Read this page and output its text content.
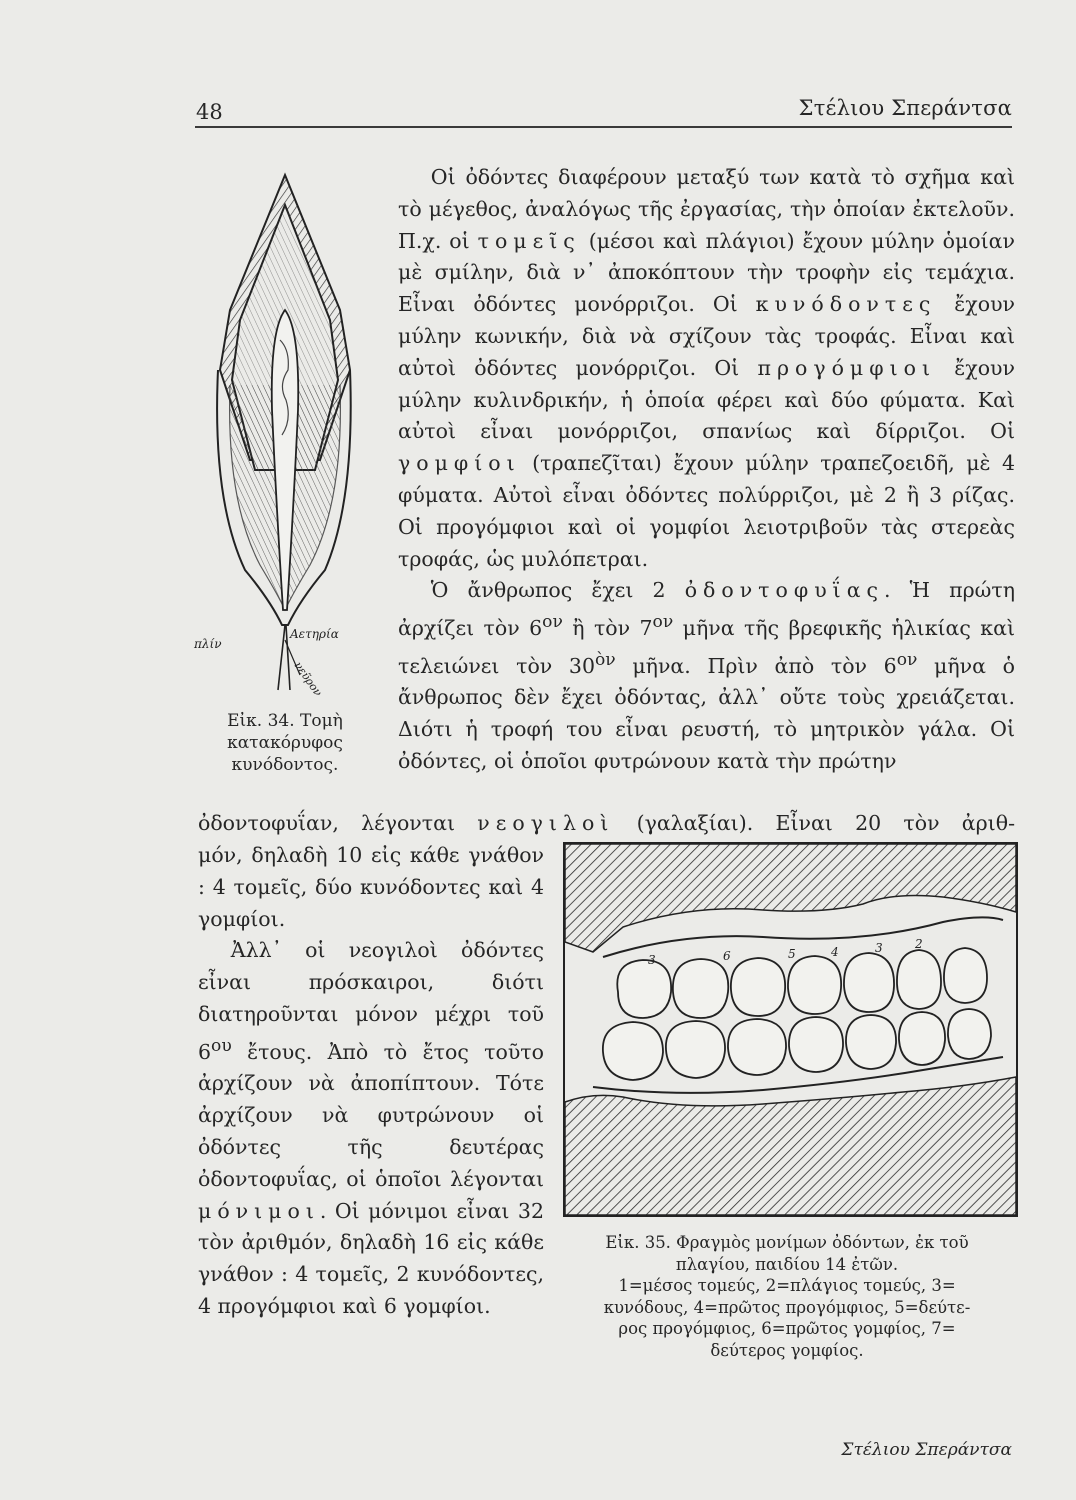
48	Στέλιου Σπεράντσα
πλίν
Αετηρία
νεῦρον
Εἰκ. 34. Τομὴ
κατακόρυφος
κυνόδοντος.

Οἱ ὀδόντες διαφέρουν μεταξύ των κατὰ τὸ σχῆμα καὶ τὸ μέγεθος, ἀναλόγως τῆς ἐργασίας, τὴν ὁποίαν ἐκτελοῦν. Π.χ. οἱ τομεῖς (μέσοι καὶ πλάγιοι) ἔχουν μύλην ὁμοίαν μὲ σμίλην, διὰ ν᾽ ἀποκόπτουν τὴν τροφὴν εἰς τεμάχια. Εἶναι ὀδόντες μονόρριζοι. Οἱ κυνόδοντες ἔχουν μύλην κωνικήν, διὰ νὰ σχίζουν τὰς τροφάς. Εἶναι καὶ αὐτοὶ ὀδόντες μονόρριζοι. Οἱ προγόμφιοι ἔχουν μύλην κυλινδρικήν, ἡ ὁποία φέρει καὶ δύο φύματα. Καὶ αὐτοὶ εἶναι μονόρριζοι, σπανίως καὶ δίρριζοι. Οἱ γομφίοι (τραπεζῖται) ἔχουν μύλην τραπεζοειδῆ, μὲ 4 φύματα. Αὐτοὶ εἶναι ὀδόντες πολύρριζοι, μὲ 2 ἢ 3 ρίζας. Οἱ προγόμφιοι καὶ οἱ γομφίοι λειοτριβοῦν τὰς στερεὰς τροφάς, ὡς μυλόπετραι.

Ὁ ἄνθρωπος ἔχει 2 ὀδοντοφυΐας. Ἡ πρώτη ἀρχίζει τὸν $6^{o\nu}$ ἢ τὸν $7^{o\nu}$ μῆνα τῆς βρεφικῆς ἡλικίας καὶ τελειώνει τὸν $30^{ὸ\nu}$ μῆνα. Πρὶν ἀπὸ τὸν $6^{o\nu}$ μῆνα ὁ ἄνθρωπος δὲν ἔχει ὀδόντας, ἀλλ᾽ οὔτε τοὺς χρειάζεται. Διότι ἡ τροφή του εἶναι ρευστή, τὸ μητρικὸν γάλα. Οἱ ὀδόντες, οἱ ὁποῖοι φυτρώνουν κατὰ τὴν πρώτην

ὀδοντοφυΐαν, λέγονται νεογιλοὶ (γαλαξίαι). Εἶναι 20 τὸν ἀριθ-

μόν, δηλαδὴ 10 εἰς κάθε γνάθον : 4 τομεῖς, δύο κυνόδοντες καὶ 4 γομφίοι.

Ἀλλ᾽ οἱ νεογιλοὶ ὀδόντες εἶναι πρόσκαιροι, διότι διατηροῦνται μόνον μέχρι τοῦ $6^{o\upsilon}$ ἔτους. Ἀπὸ τὸ ἔτος τοῦτο ἀρχίζουν νὰ ἀποπίπτουν. Τότε ἀρχίζουν νὰ φυτρώνουν οἱ ὀδόντες τῆς δευτέρας ὀδοντοφυΐας, οἱ ὁποῖοι λέγονται μόνιμοι. Οἱ μόνιμοι εἶναι 32 τὸν ἀριθμόν, δηλαδὴ 16 εἰς κάθε γνάθον : 4 τομεῖς, 2 κυνόδοντες, 4 προγόμφιοι καὶ 6 γομφίοι.

3	6	5	4	3	2
Εἰκ. 35. Φραγμὸς μονίμων ὀδόντων, ἐκ τοῦ
πλαγίου, παιδίου 14 ἐτῶν.
1=μέσος τομεύς, 2=πλάγιος τομεύς, 3=
κυνόδους, 4=πρῶτος προγόμφιος, 5=δεύτε-
ρος προγόμφιος, 6=πρῶτος γομφίος, 7=
δεύτερος γομφίος.
Στέλιου Σπεράντσα
